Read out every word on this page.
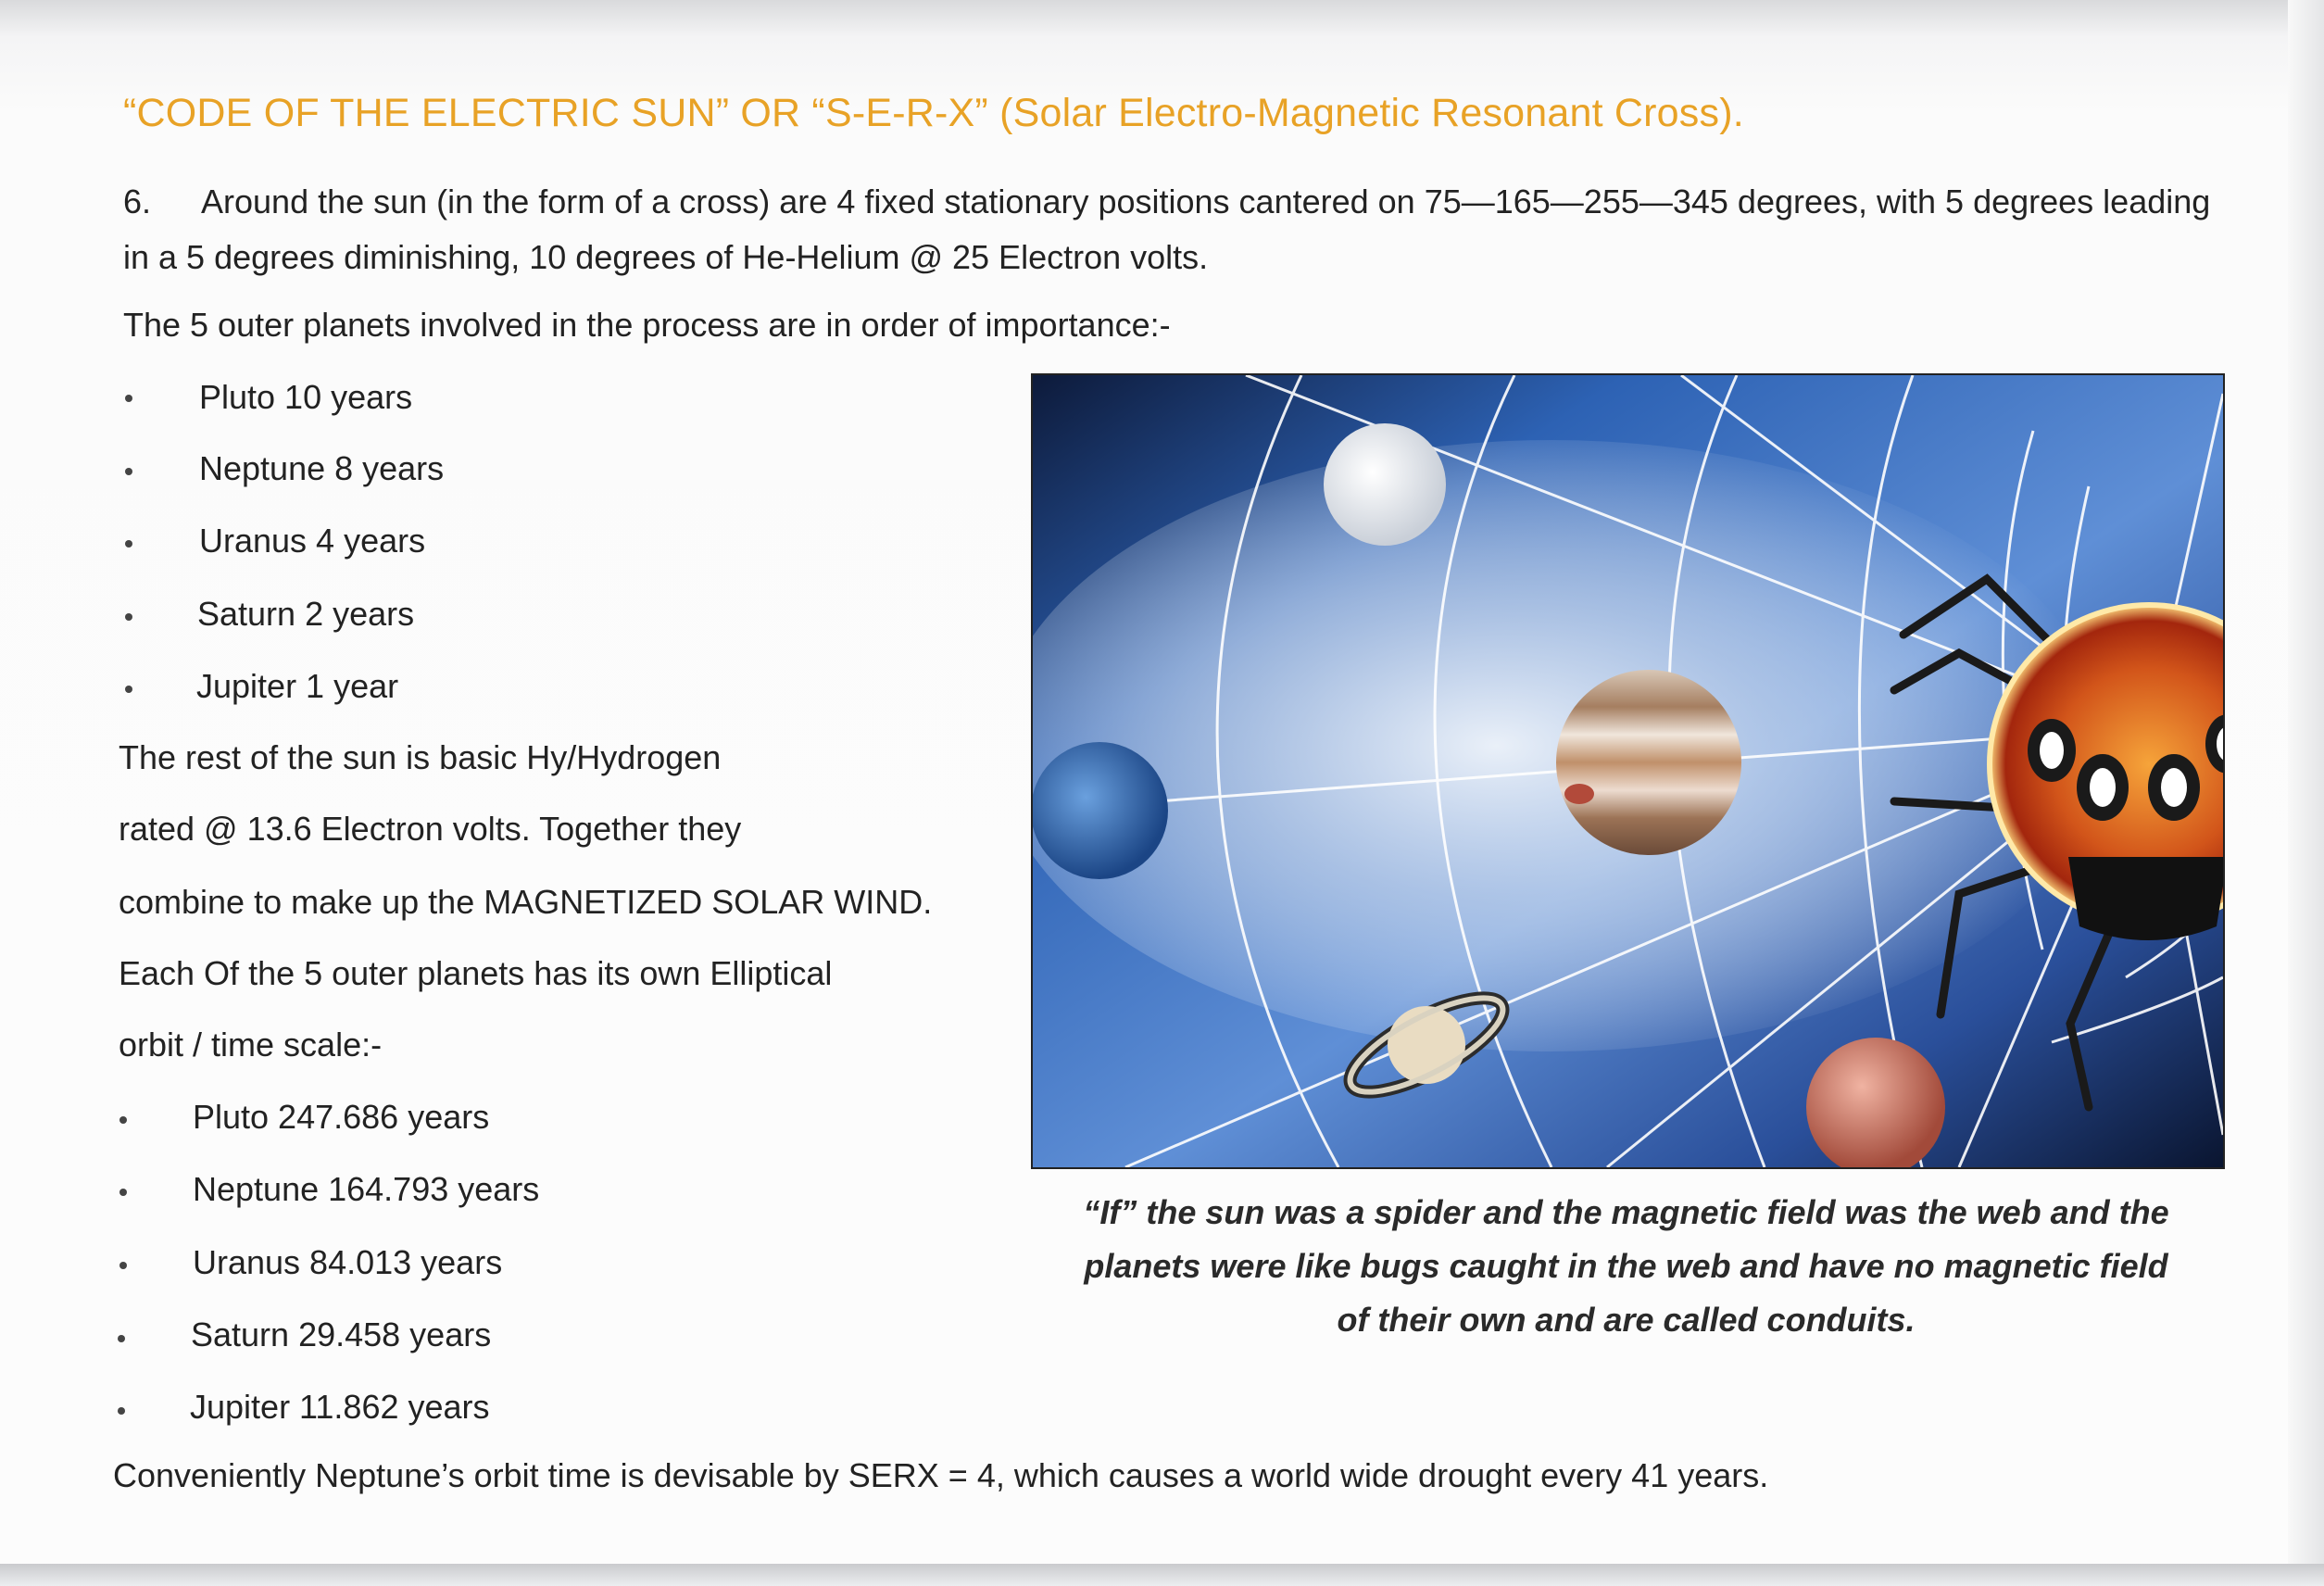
“CODE OF THE ELECTRIC SUN” OR “S-E-R-X” (Solar Electro-Magnetic Resonant Cross).
6. Around the sun (in the form of a cross) are 4 fixed stationary positions cantered on 75—165—255—345 degrees, with 5 degrees leading in a 5 degrees diminishing, 10 degrees of He-Helium @ 25 Electron volts.
The 5 outer planets involved in the process are in order of importance:-
Pluto 10 years
Neptune 8 years
Uranus 4 years
Saturn 2 years
Jupiter 1 year
The rest of the sun is basic Hy/Hydrogen
rated @ 13.6 Electron volts. Together they
combine to make up the MAGNETIZED SOLAR WIND.
Each Of the 5 outer planets has its own Elliptical
orbit / time scale:-
Pluto 247.686 years
Neptune 164.793 years
Uranus 84.013 years
Saturn 29.458 years
Jupiter 11.862 years
“If” the sun was a spider and the magnetic field was the web and the
planets were like bugs caught in the web and have no magnetic field
of their own and are called conduits.
Conveniently Neptune’s orbit time is devisable by SERX = 4, which causes a world wide drought every 41 years.
